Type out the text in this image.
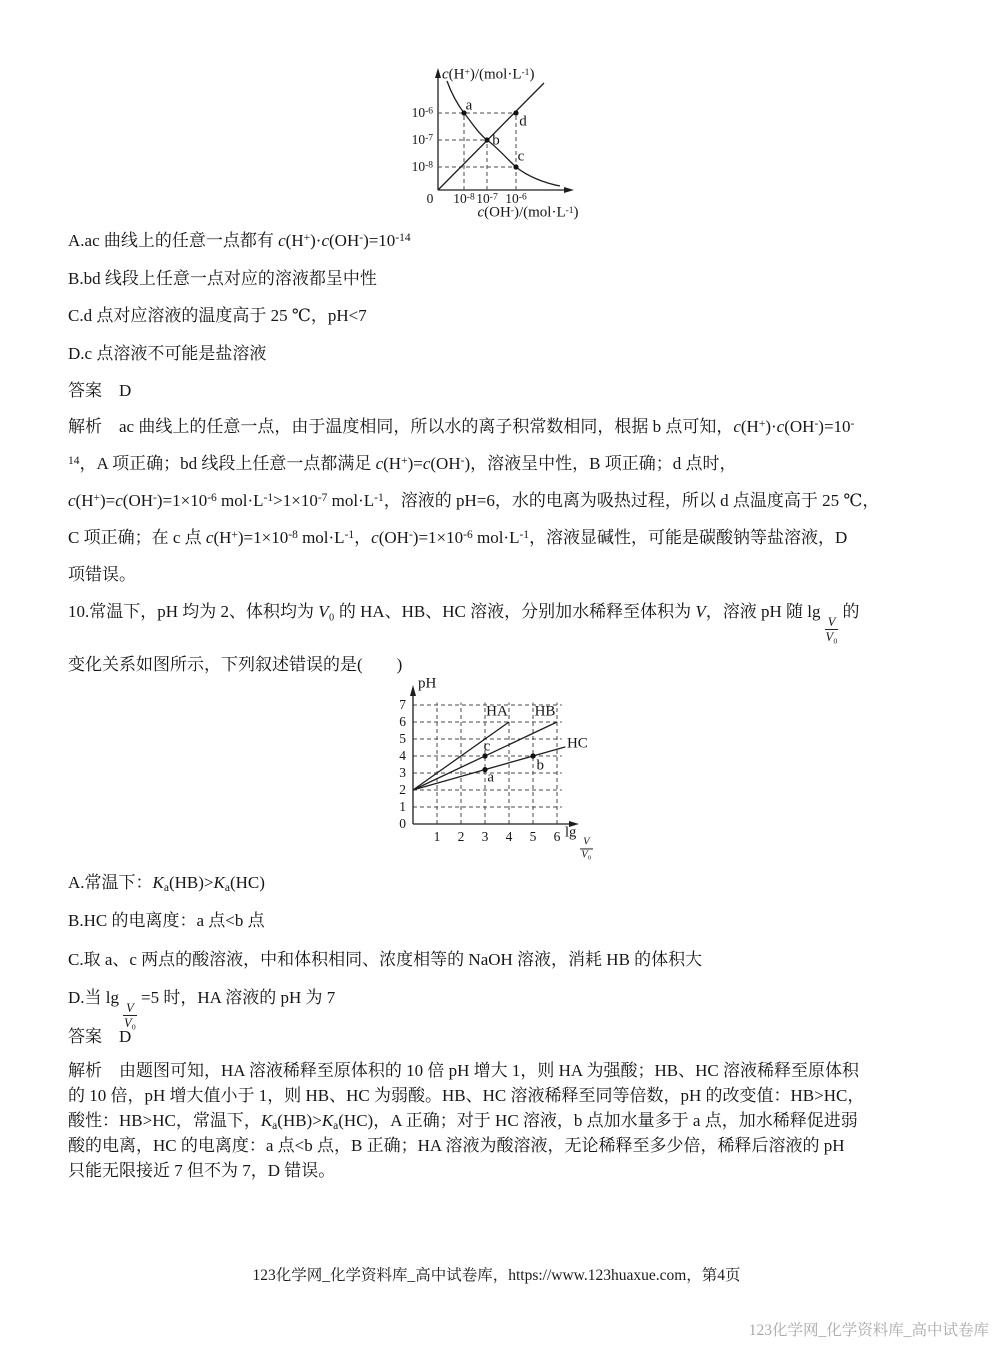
a
b
c
d
$10^{-6}$
$10^{-7}$
$10^{-8}$
$10^{-8}$ $10^{-7}$ $10^{-6}$
0
$c(H^+)/(mol\cdot L^{-1})$
$c(OH^-)/(mol\cdot L^{-1})$
A.ac 曲线上的任意一点都有 $c(H^+)\cdot c(OH^-)=10^{-14}$
B.bd 线段上任意一点对应的溶液都呈中性
C.d 点对应溶液的温度高于 25 ℃，pH<7
D.c 点溶液不可能是盐溶液
答案 D
解析　ac 曲线上的任意一点，由于温度相同，所以水的离子积常数相同，根据 b 点可知，c(H+)·c(OH-)=10-
$^{14}$，A 项正确；bd 线段上任意一点都满足 c(H+)=c(OH-)，溶液呈中性，B 项正确；d 点时，
$c(H^+)=c(OH^-)=1\times 10^{-6}$ $mol\cdot L^{-1}>1\times 10^{-7}$ $mol\cdot L^{-1}$，溶液的 pH=6，水的电离为吸热过程，所以 d 点温度高于 25 ℃，
C 项正确；在 c 点 $c(H^+)=1\times 10^{-8}$ $mol\cdot L^{-1}$，$c(OH^-)=1\times 10^{-6}$ $mol\cdot L^{-1}$，溶液显碱性，可能是碳酸钠等盐溶液，D
项错误。
10.常温下，pH 均为 2、体积均为 V₀ 的 HA、HB、HC 溶液，分别加水稀释至体积为 V，溶液 pH 随 lg
$\frac{V}{\text{V₀}}$
的
变化关系如图所示，下列叙述错误的是(　　)
HA HB
HC
a
b
c
1 2 3 4 5 6
0
1
2
3
4
5
6
7
pH
lg
$\frac{V}{\text{V₀}}$
A.常温下：$K_a(HB)>K_a(HC)$
B.HC 的电离度：a 点<b 点
C.取 a、c 两点的酸溶液，中和体积相同、浓度相等的 NaOH 溶液，消耗 HB 的体积大
D.当 lg
$\frac{V}{\text{V₀}}$
=5 时，HA 溶液的 pH 为 7
答案 D
解析　由题图可知，HA 溶液稀释至原体积的 10 倍 pH 增大 1，则 HA 为强酸；HB、HC 溶液稀释至原体积
的 10 倍，pH 增大值小于 1，则 HB、HC 为弱酸。HB、HC 溶液稀释至同等倍数，pH 的改变值：HB>HC，
酸性：HB>HC，常温下，$K_a(HB)>K_a(HC)$，A 正确；对于 HC 溶液，b 点加水量多于 a 点，加水稀释促进弱
酸的电离，HC 的电离度：a 点<b 点，B 正确；HA 溶液为酸溶液，无论稀释至多少倍，稀释后溶液的 pH
只能无限接近 7 但不为 7，D 错误。
123化学网_化学资料库_高中试卷库，https://www.123huaxue.com，第4页
123化学网_化学资料库_高中试卷库
